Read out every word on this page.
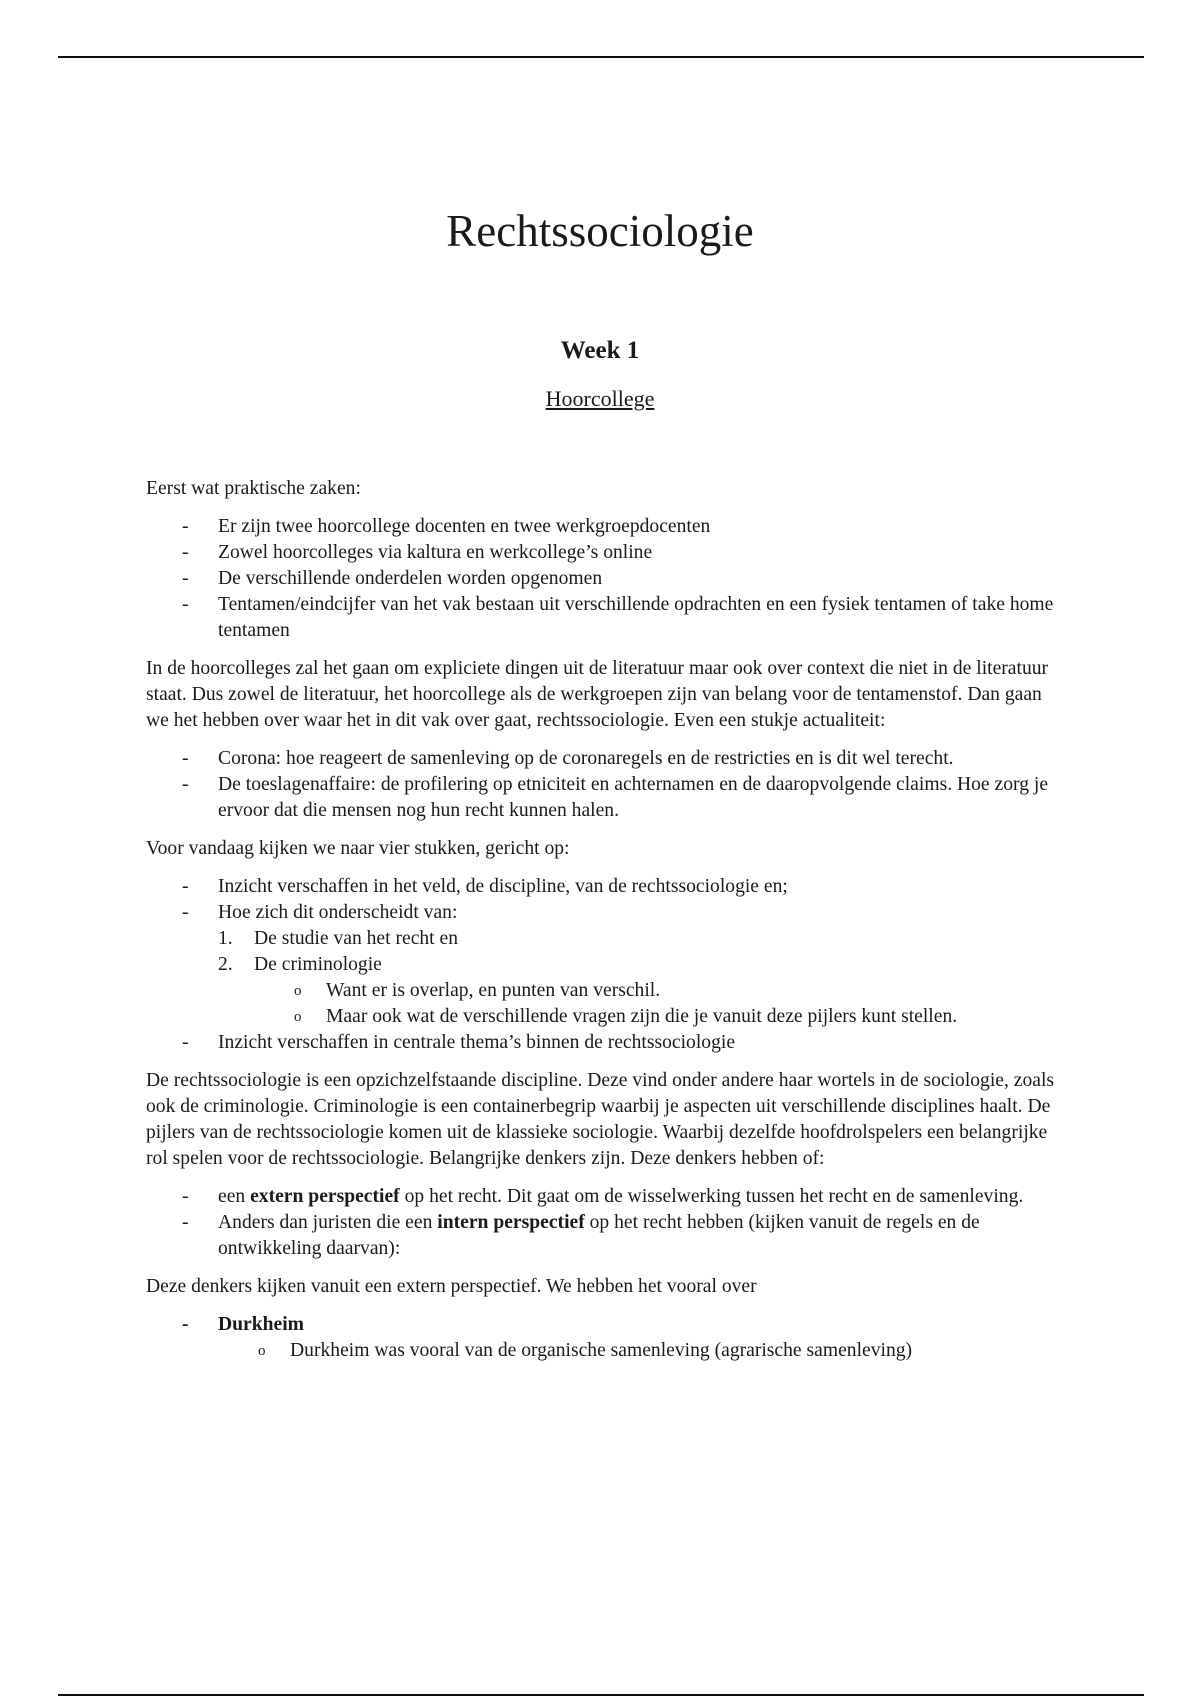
Rechtssociologie
Week 1
Hoorcollege

Eerst wat praktische zaken:

- Er zijn twee hoorcollege docenten en twee werkgroepdocenten
- Zowel hoorcolleges via kaltura en werkcollege’s online
- De verschillende onderdelen worden opgenomen
- Tentamen/eindcijfer van het vak bestaan uit verschillende opdrachten en een fysiek tentamen of take home tentamen

In de hoorcolleges zal het gaan om expliciete dingen uit de literatuur maar ook over context die niet in de literatuur staat. Dus zowel de literatuur, het hoorcollege als de werkgroepen zijn van belang voor de tentamenstof. Dan gaan we het hebben over waar het in dit vak over gaat, rechtssociologie. Even een stukje actualiteit:

- Corona: hoe reageert de samenleving op de coronaregels en de restricties en is dit wel terecht.
- De toeslagenaffaire: de profilering op etniciteit en achternamen en de daaropvolgende claims. Hoe zorg je ervoor dat die mensen nog hun recht kunnen halen.

Voor vandaag kijken we naar vier stukken, gericht op:

- Inzicht verschaffen in het veld, de discipline, van de rechtssociologie en;
- Hoe zich dit onderscheidt van:
1. De studie van het recht en
2. De criminologie
o Want er is overlap, en punten van verschil.
o Maar ook wat de verschillende vragen zijn die je vanuit deze pijlers kunt stellen.
- Inzicht verschaffen in centrale thema’s binnen de rechtssociologie

De rechtssociologie is een opzichzelfstaande discipline. Deze vind onder andere haar wortels in de sociologie, zoals ook de criminologie. Criminologie is een containerbegrip waarbij je aspecten uit verschillende disciplines haalt. De pijlers van de rechtssociologie komen uit de klassieke sociologie. Waarbij dezelfde hoofdrolspelers een belangrijke rol spelen voor de rechtssociologie. Belangrijke denkers zijn. Deze denkers hebben of:

- een extern perspectief op het recht. Dit gaat om de wisselwerking tussen het recht en de samenleving.
- Anders dan juristen die een intern perspectief op het recht hebben (kijken vanuit de regels en de ontwikkeling daarvan):

Deze denkers kijken vanuit een extern perspectief. We hebben het vooral over

- Durkheim
o Durkheim was vooral van de organische samenleving (agrarische samenleving)
